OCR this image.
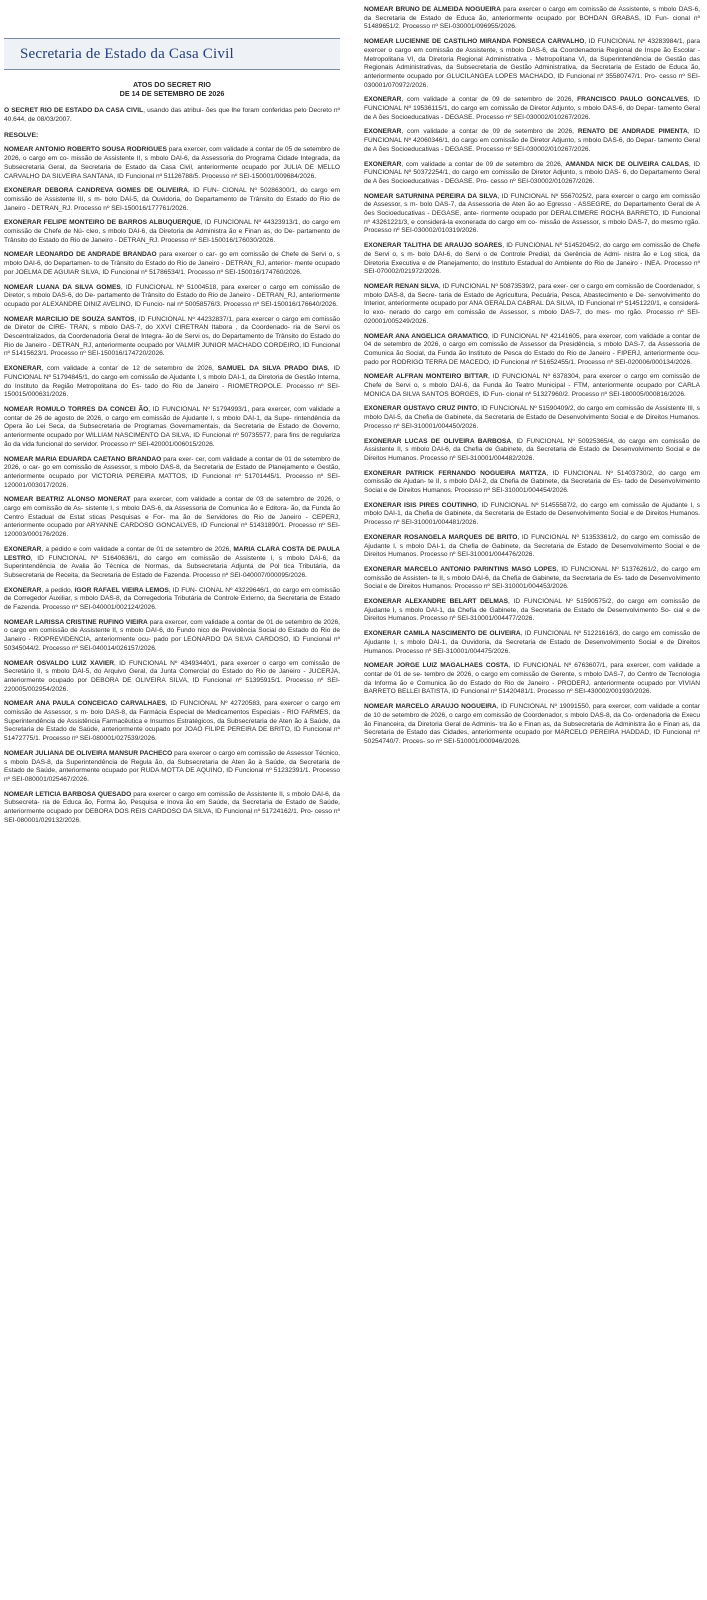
Secretaria de Estado da Casa Civil
ATOS DO SECRET RIO
DE 14 DE SETEMBRO DE 2026

O SECRET RIO DE ESTADO DA CASA CIVIL, usando das atribui- ões que lhe foram conferidas pelo Decreto nº 40.644, de 08/03/2007.

RESOLVE:

NOMEAR ANTONIO ROBERTO SOUSA RODRIGUES para exercer, com validade a contar de 05 de setembro de 2026, o cargo em co- missão de Assistente II, s mbolo DAI-6, da Assessoria do Programa Cidade Integrada, da Subsecretaria Geral, da Secretaria de Estado da Casa Civil, anteriormente ocupado por JULIA DE MELLO CARVALHO DA SILVEIRA SANTANA, ID Funcional nº 51126788/5. Processo nº SEI-150001/009684/2026.

EXONERAR DEBORA CANDREVA GOMES DE OLIVEIRA, ID FUN- CIONAL Nº 50286300/1, do cargo em comissão de Assistente III, s m- bolo DAI-5, da Ouvidoria, do Departamento de Trânsito do Estado do Rio de Janeiro - DETRAN_RJ. Processo nº SEI-150016/177761/2026.

EXONERAR FELIPE MONTEIRO DE BARROS ALBUQUERQUE, ID FUNCIONAL Nº 44323913/1, do cargo em comissão de Chefe de Nú- cleo, s mbolo DAI-6, da Diretoria de Administra ão e Finan as, do De- partamento de Trânsito do Estado do Rio de Janeiro - DETRAN_RJ. Processo nº SEI-150016/176030/2026.

NOMEAR LEONARDO DE ANDRADE BRANDAO para exercer o car- go em comissão de Chefe de Servi o, s mbolo DAI-6, do Departamen- to de Trânsito do Estado do Rio de Janeiro - DETRAN_RJ, anterior- mente ocupado por JOELMA DE AGUIAR SILVA, ID Funcional nº 51786534/1. Processo nº SEI-150016/174760/2026.

NOMEAR LUANA DA SILVA GOMES, ID FUNCIONAL Nº 51004518, para exercer o cargo em comissão de Diretor, s mbolo DAS-6, do De- partamento de Trânsito do Estado do Rio de Janeiro - DETRAN_RJ, anteriormente ocupado por ALEXANDRE DINIZ AVELINO, ID Funcio- nal nº 50058576/3. Processo nº SEI-150016/176640/2026.

NOMEAR MARCILIO DE SOUZA SANTOS, ID FUNCIONAL Nº 44232837/1, para exercer o cargo em comissão de Diretor de CIRE- TRAN, s mbolo DAS-7, do XXVI CIRETRAN Itabora , da Coordenado- ria de Servi os Descentralizados, da Coordenadoria Geral de Integra- ão de Servi os, do Departamento de Trânsito do Estado do Rio de Janeiro - DETRAN_RJ, anteriormente ocupado por VALMIR JUNIOR MACHADO CORDEIRO, ID Funcional nº 51415623/1. Processo nº SEI-150016/174720/2026.

EXONERAR, com validade a contar de 12 de setembro de 2026, SAMUEL DA SILVA PRADO DIAS, ID FUNCIONAL Nº 51794845/1, do cargo em comissão de Ajudante I, s mbolo DAI-1, da Diretoria de Gestão Interna, do Instituto da Região Metropolitana do Es- tado do Rio de Janeiro - RIOMETROPOLE. Processo nº SEI-150015/000631/2026.

NOMEAR ROMULO TORRES DA CONCEI ÃO, ID FUNCIONAL Nº 51794993/1, para exercer, com validade a contar de 26 de agosto de 2026, o cargo em comissão de Ajudante I, s mbolo DAI-1, da Supe- rintendência da Opera ão Lei Seca, da Subsecretaria de Programas Governamentais, da Secretaria de Estado de Governo, anteriormente ocupado por WILLIAM NASCIMENTO DA SILVA, ID Funcional nº 50735577, para fins de regulariza ão da vida funcional do servidor. Processo nº SEI-420001/006015/2026.

NOMEAR MARIA EDUARDA CAETANO BRANDAO para exer- cer, com validade a contar de 01 de setembro de 2026, o car- go em comissão de Assessor, s mbolo DAS-8, da Secretaria de Estado de Planejamento e Gestão, anteriormente ocupado por VICTORIA PEREIRA MATTOS, ID Funcional nº 51701445/1. Processo nº SEI-120001/003017/2026.

NOMEAR BEATRIZ ALONSO MONERAT para exercer, com validade a contar de 03 de setembro de 2026, o cargo em comissão de As- sistente I, s mbolo DAS-6, da Assessoria de Comunica ão e Editora- ão, da Funda ão Centro Estadual de Estat sticas Pesquisas e For- ma ão de Servidores do Rio de Janeiro - CEPERJ, anteriormente ocupado por ARYANNE CARDOSO GONCALVES, ID Funcional nº 51431890/1. Processo nº SEI-120003/000176/2026.

EXONERAR, a pedido e com validade a contar de 01 de setembro de 2026, MARIA CLARA COSTA DE PAULA LESTRO, ID FUNCIONAL Nº 51640636/1, do cargo em comissão de Assistente I, s mbolo DAI-6, da Superintendência de Avalia ão Técnica de Normas, da Subsecretaria Adjunta de Pol tica Tributária, da Subsecretaria de Receita, da Secretaria de Estado de Fazenda. Processo nº SEI-040007/000095/2026.

EXONERAR, a pedido, IGOR RAFAEL VIEIRA LEMOS, ID FUN- CIONAL Nº 43229646/1, do cargo em comissão de Corregedor Auxiliar, s mbolo DAS-8, da Corregedoria Tributária de Controle Externo, da Secretaria de Estado de Fazenda. Processo nº SEI-040001/002124/2026.

NOMEAR LARISSA CRISTINE RUFINO VIEIRA para exercer, com validade a contar de 01 de setembro de 2026, o cargo em comissão de Assistente II, s mbolo DAI-6, do Fundo nico de Previdência Social do Estado do Rio de Janeiro - RIOPREVIDENCIA, anteriormente ocu- pado por LEONARDO DA SILVA CARDOSO, ID Funcional nº 50345044/2. Processo nº SEI-040014/026157/2026.

NOMEAR OSVALDO LUIZ XAVIER, ID FUNCIONAL Nº 43493440/1, para exercer o cargo em comissão de Secretário II, s mbolo DAI-5, do Arquivo Geral, da Junta Comercial do Estado do Rio de Janeiro - JUCERJA, anteriormente ocupado por DEBORA DE OLIVEIRA SILVA, ID Funcional nº 51395915/1. Processo nº SEI-220005/002954/2026.

NOMEAR ANA PAULA CONCEICAO CARVALHAES, ID FUNCIONAL Nº 42720583, para exercer o cargo em comissão de Assessor, s m- bolo DAS-8, da Farmácia Especial de Medicamentos Especiais - RIO FARMES, da Superintendência de Assistência Farmacêutica e Insumos Estratégicos, da Subsecretaria de Aten ão à Saúde, da Secretaria de Estado de Saúde, anteriormente ocupado por JOAO FILIPE PEREIRA DE BRITO, ID Funcional nº 51472775/1. Processo nº SEI-080001/027539/2026.

NOMEAR JULIANA DE OLIVEIRA MANSUR PACHECO para exercer o cargo em comissão de Assessor Técnico, s mbolo DAS-8, da Superintendência de Regula ão, da Subsecretaria de Aten ão à Saúde, da Secretaria de Estado de Saúde, anteriormente ocupado por RUDA MOTTA DE AQUINO, ID Funcional nº 51232391/1. Processo nº SEI-080001/025467/2026.

NOMEAR LETICIA BARBOSA QUESADO para exercer o cargo em comissão de Assistente II, s mbolo DAI-6, da Subsecreta- ria de Educa ão, Forma ão, Pesquisa e Inova ão em Saúde, da Secretaria de Estado de Saúde, anteriormente ocupado por DEBORA DOS REIS CARDOSO DA SILVA, ID Funcional nº 51724162/1. Pro- cesso nº SEI-080001/029132/2026.

NOMEAR BRUNO DE ALMEIDA NOGUEIRA para exercer o cargo em comissão de Assistente, s mbolo DAS-6, da Secretaria de Estado de Educa ão, anteriormente ocupado por BOHDAN GRABAS, ID Fun- cional nº 51489651/2. Processo nº SEI-030001/096955/2026.

NOMEAR LUCIENNE DE CASTILHO MIRANDA FONSECA CARVALHO, ID FUNCIONAL Nº 43283984/1, para exercer o cargo em comissão de Assistente, s mbolo DAS-6, da Coordenadoria Regional de Inspe ão Escolar - Metropolitana VI, da Diretoria Regional Administrativa - Metropolitana VI, da Superintendência de Gestão das Regionais Administrativas, da Subsecretaria de Gestão Administrativa, da Secretaria de Estado de Educa ão, anteriormente ocupado por GLUCILANGEA LOPES MACHADO, ID Funcional nº 35580747/1. Pro- cesso nº SEI-030001/070972/2026.

EXONERAR, com validade a contar de 09 de setembro de 2026, FRANCISCO PAULO GONCALVES, ID FUNCIONAL Nº 19536115/1, do cargo em comissão de Diretor Adjunto, s mbolo DAS-6, do Depar- tamento Geral de A ões Socioeducativas - DEGASE. Processo nº SEI-030002/010267/2026.

EXONERAR, com validade a contar de 09 de setembro de 2026, RENATO DE ANDRADE PIMENTA, ID FUNCIONAL Nº 42060346/1, do cargo em comissão de Diretor Adjunto, s mbolo DAS-6, do Depar- tamento Geral de A ões Socioeducativas - DEGASE. Processo nº SEI-030002/010267/2026.

EXONERAR, com validade a contar de 09 de setembro de 2026, AMANDA NICK DE OLIVEIRA CALDAS, ID FUNCIONAL Nº 50372254/1, do cargo em comissão de Diretor Adjunto, s mbolo DAS- 6, do Departamento Geral de A ões Socioeducativas - DEGASE. Pro- cesso nº SEI-030002/010267/2026.

NOMEAR SATURNINA PEREIRA DA SILVA, ID FUNCIONAL Nº 5567025/2, para exercer o cargo em comissão de Assessor, s m- bolo DAS-7, da Assessoria de Aten ão ao Egresso - ASSEGRE, do Departamento Geral de A ões Socioeducativas - DEGASE, ante- riormente ocupado por DERALCIMERE ROCHA BARRETO, ID Funcional nº 43261221/3, e considerá-la exonerada do cargo em co- missão de Assessor, s mbolo DAS-7, do mesmo rgão. Processo nº SEI-030002/010319/2026.

EXONERAR TALITHA DE ARAUJO SOARES, ID FUNCIONAL Nº 51452045/2, do cargo em comissão de Chefe de Servi o, s m- bolo DAI-6, do Servi o de Controle Predial, da Gerência de Admi- nistra ão e Log stica, da Diretoria Executiva e de Planejamento, do Instituto Estadual do Ambiente do Rio de Janeiro - INEA. Processo nº SEI-070002/021972/2026.

NOMEAR RENAN SILVA, ID FUNCIONAL Nº 50873539/2, para exer- cer o cargo em comissão de Coordenador, s mbolo DAS-8, da Secre- taria de Estado de Agricultura, Pecuária, Pesca, Abastecimento e De- senvolvimento do Interior, anteriormente ocupado por ANA GERALDA CABRAL DA SILVA, ID Funcional nº 51451220/1, e considerá-lo exo- nerado do cargo em comissão de Assessor, s mbolo DAS-7, do mes- mo rgão. Processo nº SEI-020001/005249/2026.

NOMEAR ANA ANGELICA GRAMATICO, ID FUNCIONAL Nº 42141605, para exercer, com validade a contar de 04 de setembro de 2026, o cargo em comissão de Assessor da Presidência, s mbolo DAS-7, da Assessoria de Comunica ão Social, da Funda ão Instituto de Pesca do Estado do Rio de Janeiro - FIPERJ, anteriormente ocu- pado por RODRIGO TERRA DE MACEDO, ID Funcional nº 51652455/1. Processo nº SEI-020006/000134/2026.

NOMEAR ALFRAN MONTEIRO BITTAR, ID FUNCIONAL Nº 6378304, para exercer o cargo em comissão de Chefe de Servi o, s mbolo DAI-6, da Funda ão Teatro Municipal - FTM, anteriormente ocupado por CARLA MONICA DA SILVA SANTOS BORGES, ID Fun- cional nº 51327960/2. Processo nº SEI-180005/000816/2026.

EXONERAR GUSTAVO CRUZ PINTO, ID FUNCIONAL Nº 51590409/2, do cargo em comissão de Assistente III, s mbolo DAI-5, da Chefia de Gabinete, da Secretaria de Estado de Desenvolvimento Social e de Direitos Humanos. Processo nº SEI-310001/004450/2026.

EXONERAR LUCAS DE OLIVEIRA BARBOSA, ID FUNCIONAL Nº 50925365/4, do cargo em comissão de Assistente II, s mbolo DAI-6, da Chefia de Gabinete, da Secretaria de Estado de Desenvolvimento Social e de Direitos Humanos. Processo nº SEI-310001/004482/2026.

EXONERAR PATRICK FERNANDO NOGUEIRA MATTZA, ID FUNCIONAL Nº 51403730/2, do cargo em comissão de Ajudan- te II, s mbolo DAI-2, da Chefia de Gabinete, da Secretaria de Es- tado de Desenvolvimento Social e de Direitos Humanos. Processo nº SEI-310001/004454/2026.

EXONERAR ISIS PIRES COUTINHO, ID FUNCIONAL Nº 51455587/2, do cargo em comissão de Ajudante I, s mbolo DAI-1, da Chefia de Gabinete, da Secretaria de Estado de Desenvolvimento Social e de Direitos Humanos. Processo nº SEI-310001/004481/2026.

EXONERAR ROSANGELA MARQUES DE BRITO, ID FUNCIONAL Nº 51353361/2, do cargo em comissão de Ajudante I, s mbolo DAI-1, da Chefia de Gabinete, da Secretaria de Estado de Desenvolvimento Social e de Direitos Humanos. Processo nº SEI-310001/004476/2026.

EXONERAR MARCELO ANTONIO PARINTINS MASO LOPES, ID FUNCIONAL Nº 51376261/2, do cargo em comissão de Assisten- te II, s mbolo DAI-6, da Chefia de Gabinete, da Secretaria de Es- tado de Desenvolvimento Social e de Direitos Humanos. Processo nº SEI-310001/004453/2026.

EXONERAR ALEXANDRE BELART DELMAS, ID FUNCIONAL Nº 51590575/2, do cargo em comissão de Ajudante I, s mbolo DAI-1, da Chefia de Gabinete, da Secretaria de Estado de Desenvolvimento So- cial e de Direitos Humanos. Processo nº SEI-310001/004477/2026.

EXONERAR CAMILA NASCIMENTO DE OLIVEIRA, ID FUNCIONAL Nº 51221616/3, do cargo em comissão de Ajudante I, s mbolo DAI-1, da Ouvidoria, da Secretaria de Estado de Desenvolvimento Social e de Direitos Humanos. Processo nº SEI-310001/004475/2026.

NOMEAR JORGE LUIZ MAGALHAES COSTA, ID FUNCIONAL Nº 6763607/1, para exercer, com validade a contar de 01 de se- tembro de 2026, o cargo em comissão de Gerente, s mbolo DAS-7, do Centro de Tecnologia da Informa ão e Comunica ão do Estado do Rio de Janeiro - PRODERJ, anteriormente ocupado por VIVIAN BARRETO BELLEI BATISTA, ID Funcional nº 51420481/1. Processo nº SEI-430002/001930/2026.

NOMEAR MARCELO ARAUJO NOGUEIRA, ID FUNCIONAL Nº 19091550, para exercer, com validade a contar de 10 de setembro de 2026, o cargo em comissão de Coordenador, s mbolo DAS-8, da Co- ordenadoria de Execu ão Financeira, da Diretoria Geral de Adminis- tra ão e Finan as, da Subsecretaria de Administra ão e Finan as, da Secretaria de Estado das Cidades, anteriormente ocupado por MARCELO PEREIRA HADDAD, ID Funcional nº 50254740/7. Proces- so nº SEI-510001/000946/2026.
